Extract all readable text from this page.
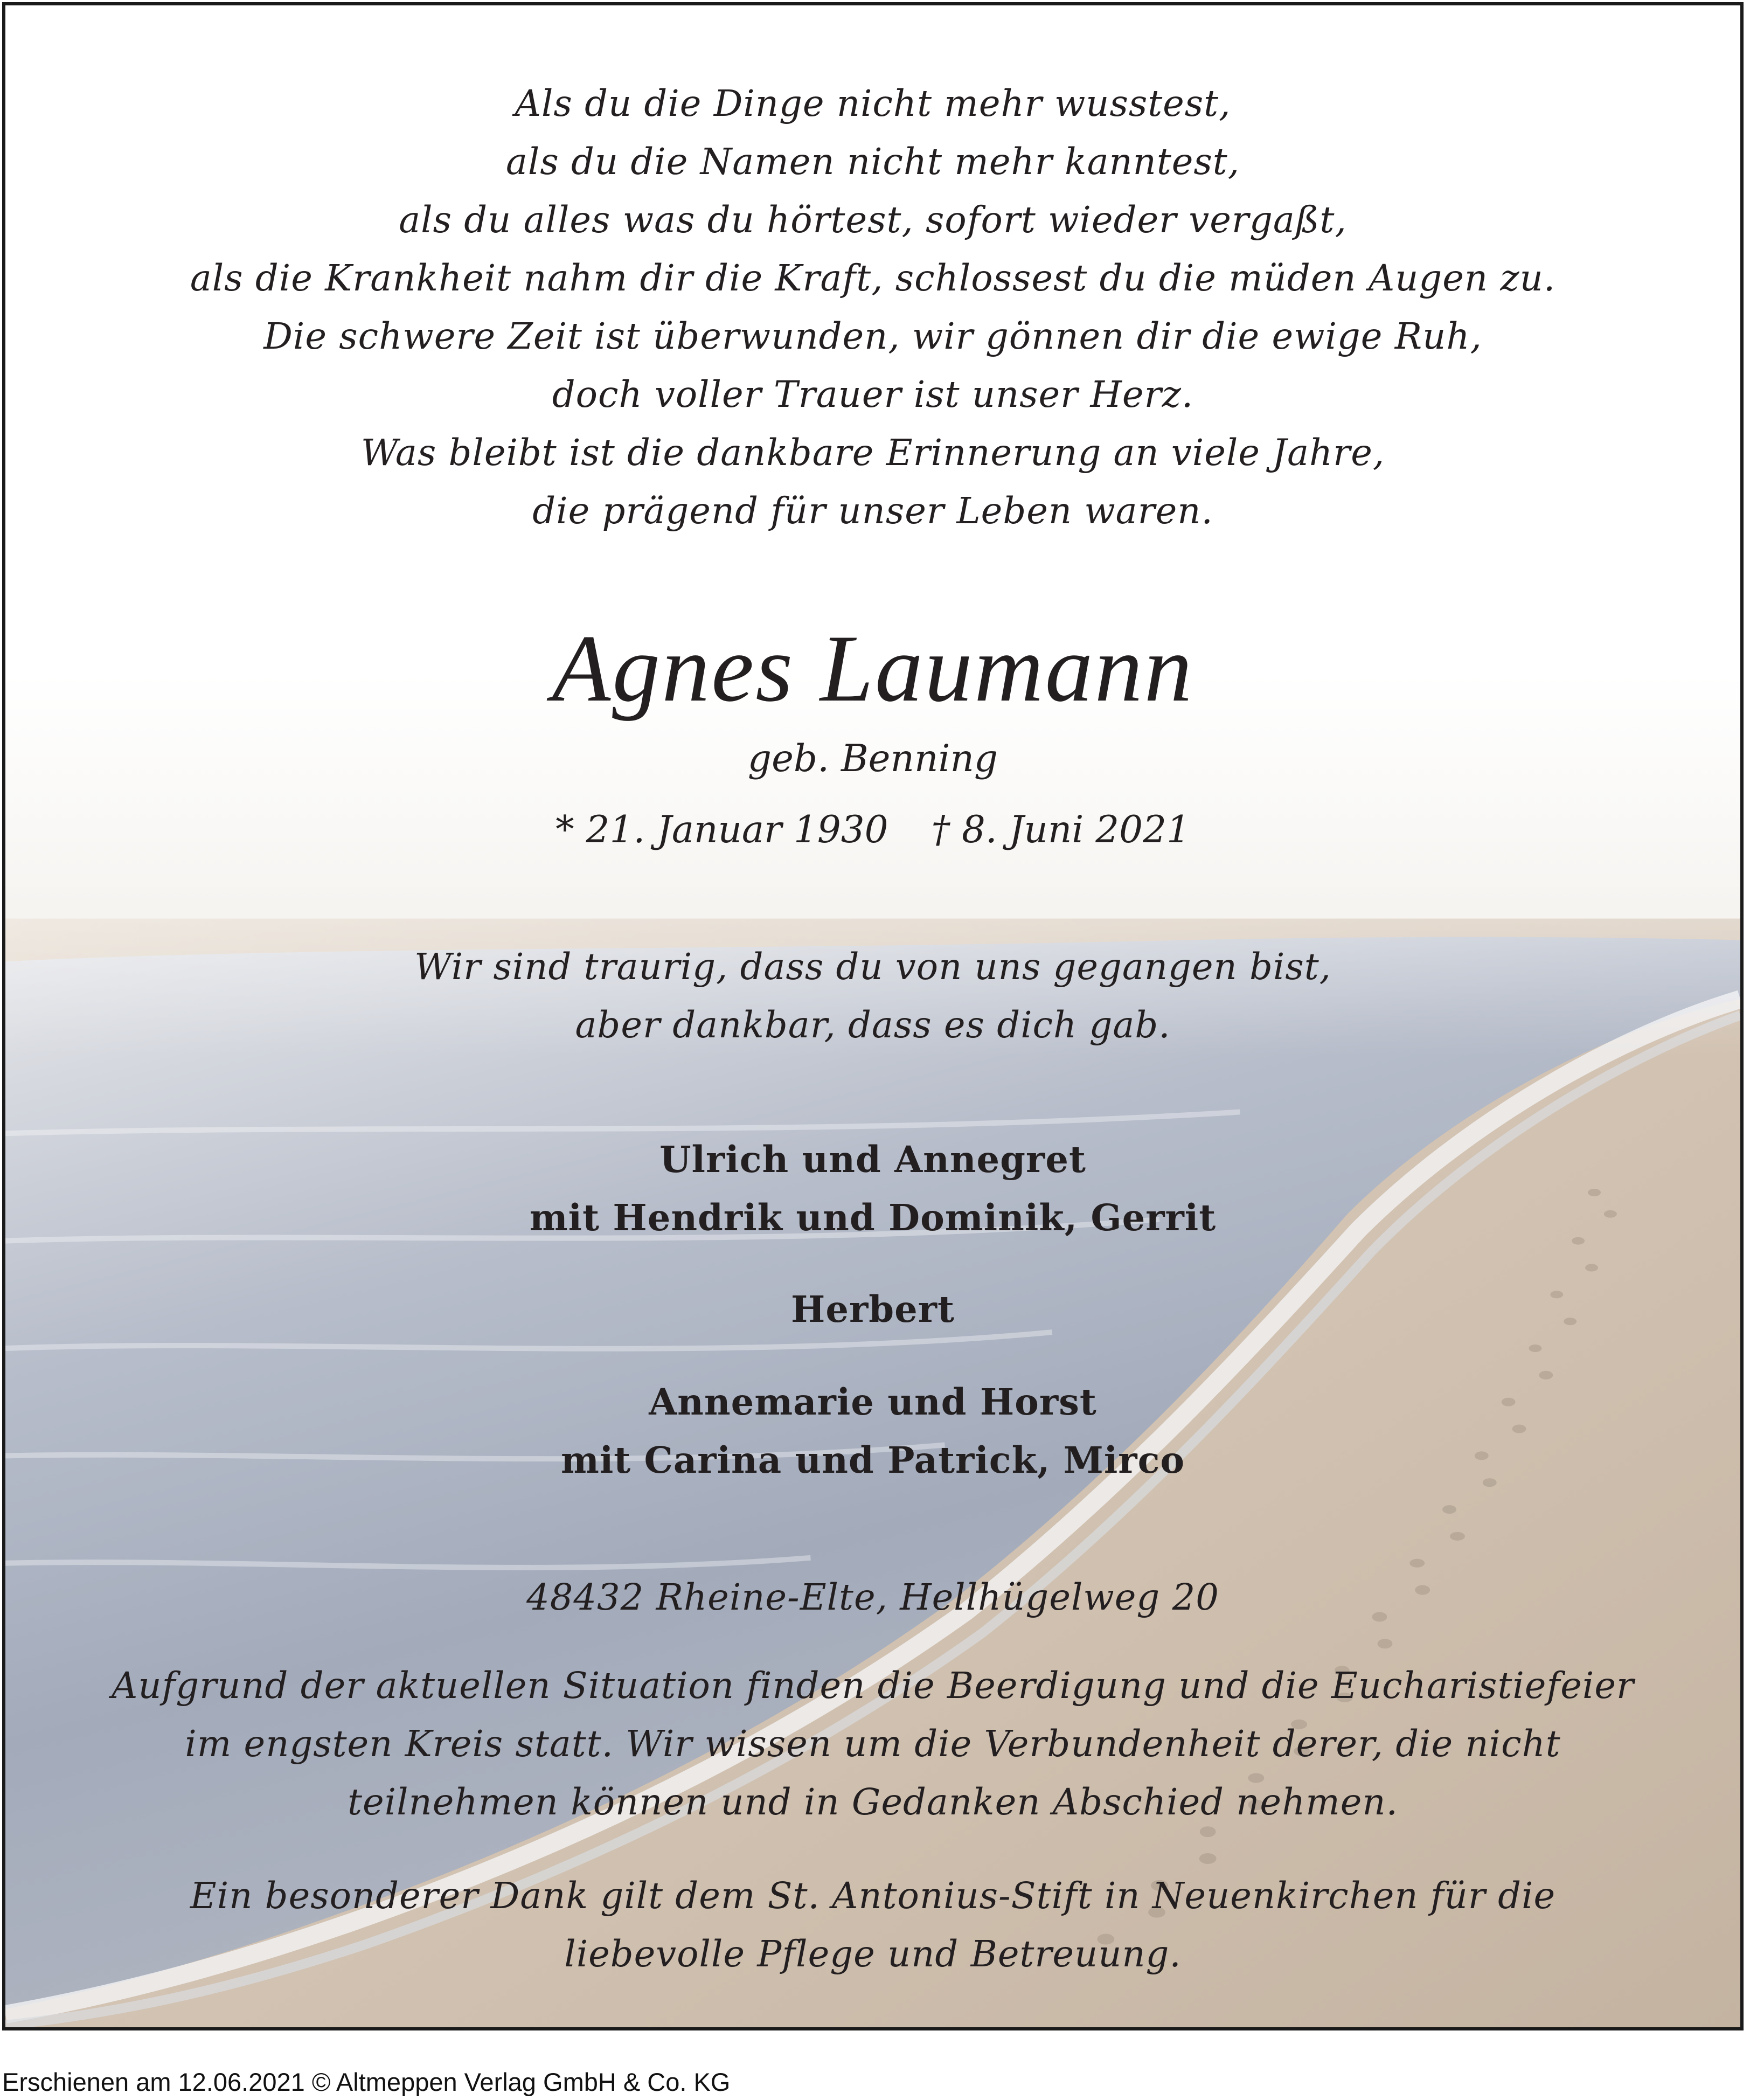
Als du die Dinge nicht mehr wusstest,
als du die Namen nicht mehr kanntest,
als du alles was du hörtest, sofort wieder vergaßt,
als die Krankheit nahm dir die Kraft, schlossest du die müden Augen zu.
Die schwere Zeit ist überwunden, wir gönnen dir die ewige Ruh,
doch voller Trauer ist unser Herz.
Was bleibt ist die dankbare Erinnerung an viele Jahre,
die prägend für unser Leben waren.
Agnes Laumann
geb. Benning
* 21. Januar 1930 † 8. Juni 2021
Wir sind traurig, dass du von uns gegangen bist,
aber dankbar, dass es dich gab.
Ulrich und Annegret
mit Hendrik und Dominik, Gerrit
Herbert
Annemarie und Horst
mit Carina und Patrick, Mirco
48432 Rheine-Elte, Hellhügelweg 20
Aufgrund der aktuellen Situation finden die Beerdigung und die Eucharistiefeier
im engsten Kreis statt. Wir wissen um die Verbundenheit derer, die nicht
teilnehmen können und in Gedanken Abschied nehmen.
Ein besonderer Dank gilt dem St. Antonius-Stift in Neuenkirchen für die
liebevolle Pflege und Betreuung.
Erschienen am 12.06.2021 © Altmeppen Verlag GmbH & Co. KG
